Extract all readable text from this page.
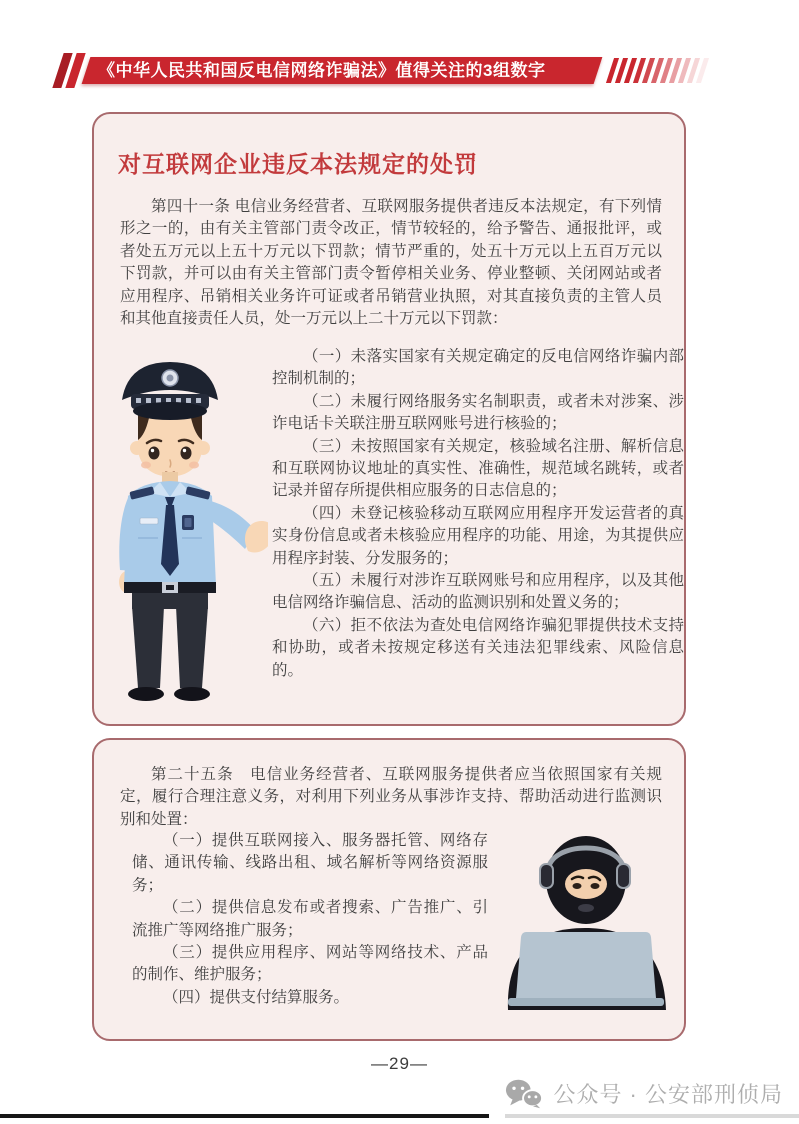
《中华人民共和国反电信网络诈骗法》值得关注的3组数字
对互联网企业违反本法规定的处罚

第四十一条 电信业务经营者、互联网服务提供者违反本法规定，有下列情形之一的，由有关主管部门责令改正，情节较轻的，给予警告、通报批评，或者处五万元以上五十万元以下罚款；情节严重的，处五十万元以上五百万元以下罚款，并可以由有关主管部门责令暂停相关业务、停业整顿、关闭网站或者应用程序、吊销相关业务许可证或者吊销营业执照，对其直接负责的主管人员和其他直接责任人员，处一万元以上二十万元以下罚款：

（一）未落实国家有关规定确定的反电信网络诈骗内部控制机制的；

（二）未履行网络服务实名制职责，或者未对涉案、涉诈电话卡关联注册互联网账号进行核验的；

（三）未按照国家有关规定，核验域名注册、解析信息和互联网协议地址的真实性、准确性，规范域名跳转，或者记录并留存所提供相应服务的日志信息的；

（四）未登记核验移动互联网应用程序开发运营者的真实身份信息或者未核验应用程序的功能、用途，为其提供应用程序封装、分发服务的；

（五）未履行对涉诈互联网账号和应用程序，以及其他电信网络诈骗信息、活动的监测识别和处置义务的；

（六）拒不依法为查处电信网络诈骗犯罪提供技术支持和协助，或者未按规定移送有关违法犯罪线索、风险信息的。

第二十五条　电信业务经营者、互联网服务提供者应当依照国家有关规定，履行合理注意义务，对利用下列业务从事涉诈支持、帮助活动进行监测识别和处置：

（一）提供互联网接入、服务器托管、网络存储、通讯传输、线路出租、域名解析等网络资源服务；

（二）提供信息发布或者搜索、广告推广、引流推广等网络推广服务；

（三）提供应用程序、网站等网络技术、产品的制作、维护服务；

（四）提供支付结算服务。

—29—
公众号 · 公安部刑侦局
